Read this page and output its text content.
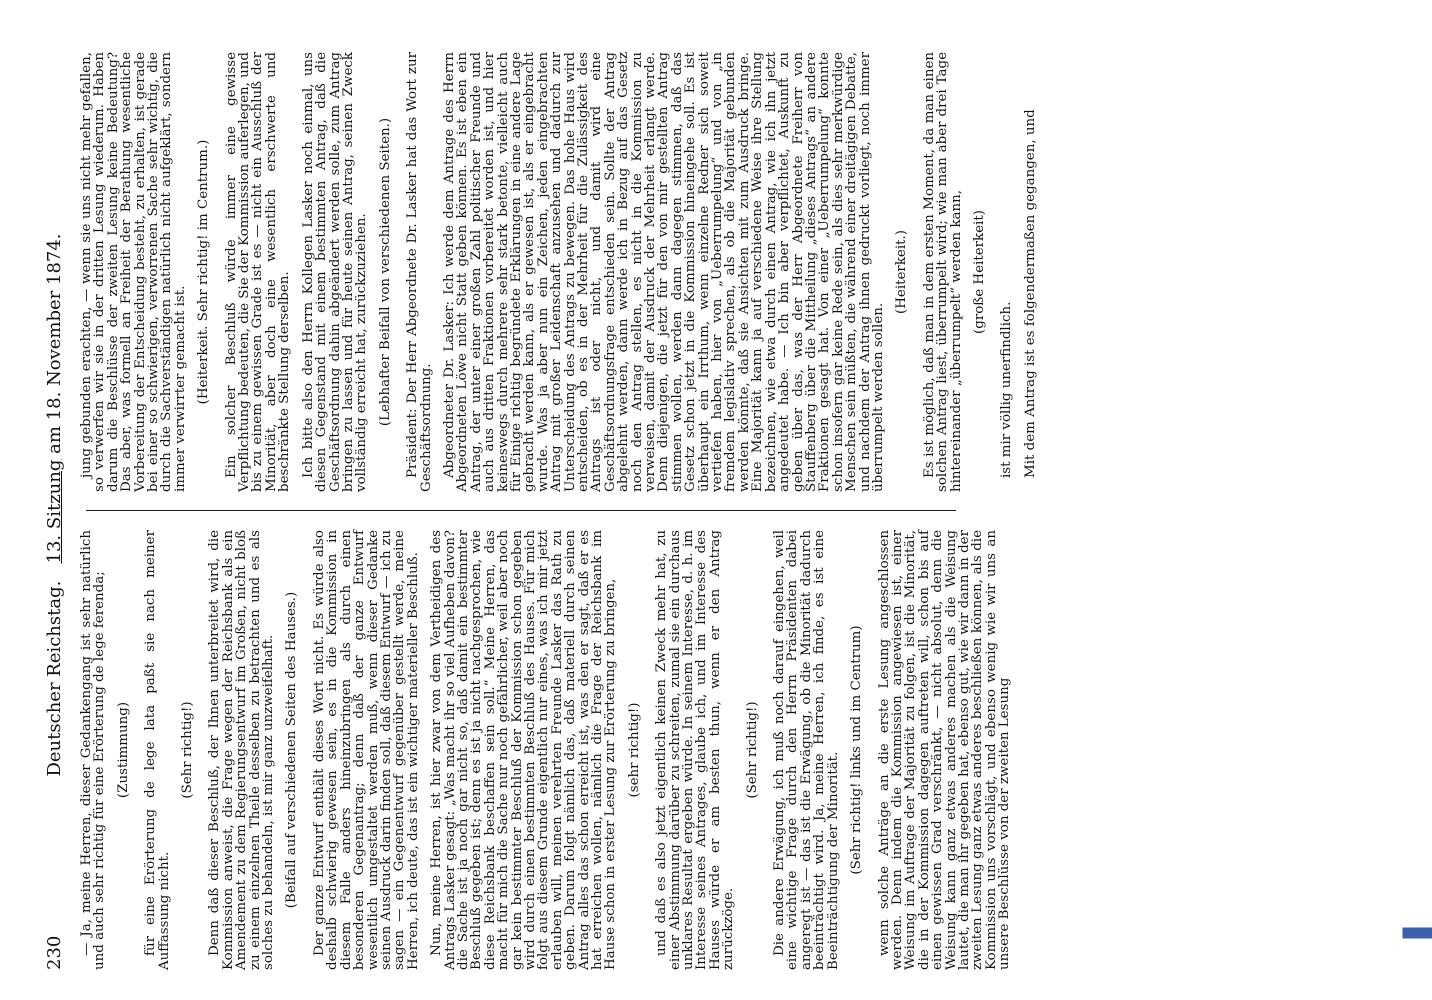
230
Deutscher Reichstag.   13. Sitzung am 18. November 1874.

— Ja, meine Herren, dieser Gedankengang ist sehr natürlich und auch sehr richtig für eine Erörterung de lege ferenda; (Zustimmung) für eine Erörterung de lege lata paßt sie nach meiner Auffassung nicht.

(Sehr richtig!) Denn daß dieser Beschluß, der Ihnen unterbreitet wird, die Kommission anweist, die Frage wegen der Reichsbank als ein Amendement zu dem Regierungsentwurf im Großen, nicht bloß zu einem einzelnen Theile desselben zu betrachten und es als solches zu behandeln, ist mir ganz unzweifelhaft. (Beifall auf verschiedenen Seiten des Hauses.) Der ganze Entwurf enthält dieses Wort nicht. Es würde also deshalb schwierig gewesen sein, es in die Kommission in diesem Falle anders hineinzubringen als durch einen besonderen Gegenantrag; denn daß der ganze Entwurf wesentlich umgestaltet werden muß, wenn dieser Gedanke seinen Ausdruck darin finden soll, daß diesem Entwurf — ich zu sagen — ein Gegenentwurf gegenüber gestellt werde, meine Herren, ich deute, das ist ein wichtiger materieller Beschluß. Nun, meine Herren, ist hier zwar von dem Vertheidigen des Antrags Lasker gesagt: „Was macht ihr so viel Aufheben davon? die Sache ist ja noch gar nicht so, daß damit ein bestimmter Beschluß gegeben ist; denn es ist ja nicht nachgesprochen, wie diese Reichsbank beschaffen sein soll.“ Meine Herren, das macht für mich die Sache nur noch gefährlicher, weil aber noch gar kein bestimmter Beschluß der Kommission schon gegeben wird durch einen bestimmten Beschluß des Hauses. Für mich folgt aus diesem Grunde eigentlich nur eines, was ich mir jetzt erlauben will, meinen verehrten Freunde Lasker das Rath zu geben. Darum folgt nämlich das, daß materiell durch seinen Antrag alles das schon erreicht ist, was den er sagt, daß er es hat erreichen wollen, nämlich die Frage der Reichsbank im Hause schon in erster Lesung zur Erörterung zu bringen, (sehr richtig!) und daß es also jetzt eigentlich keinen Zweck mehr hat, zu einer Abstimmung darüber zu schreiten, zumal sie ein durchaus unklares Resultat ergeben würde. In seinem Interesse, d. h. im Interesse seines Antrages, glaube ich, und im Interesse des Hauses würde er am besten thun, wenn er den Antrag zurückzöge.

(Sehr richtig!) Die andere Erwägung, ich muß noch darauf eingehen, weil eine wichtige Frage durch den Herrn Präsidenten dabei angeregt ist — das ist die Erwägung, ob die Minorität dadurch beeinträchtigt wird. Ja, meine Herren, ich finde, es ist eine Beeinträchtigung der Minorität. (Sehr richtig! links und im Centrum) wenn solche Anträge an die erste Lesung angeschlossen werden. Denn indem die Kommission angewiesen ist, einer Weisung im Auftrage der Majorität zu folgen, ist die Minorität, die in der Kommission dagegen auftreten will, schon bis auf einen gewissen Grad verschränkt, — nicht absolut, denn die Weisung kann ganz etwas anderes machen als die Weisung lautet, die man ihr gegeben hat, ebenso gut, wie wir dann in der zweiten Lesung ganz etwas anderes beschließen können, als die Kommission uns vorschlägt, und ebenso wenig wie wir uns an unsere Beschlüsse von der zweiten Lesung

jung gebunden erachten, — wenn sie uns nicht mehr gefallen, so verwerfen wir sie in der dritten Lesung wiederum. Haben darum die Beschlüsse der zweiten Lesung keine Bedeutung? Das aber, was formell an Freiheit der Berathung wesentliche Vorbereitung der Entscheidung besteht, zu erhalten, ist gerade bei einer so schwierigen, verworrenen Sache sehr wichtig, die durch die Sachverständigen natürlich nicht aufgeklärt, sondern immer verwirrter gemacht ist. (Heiterkeit. Sehr richtig! im Centrum.) Ein solcher Beschluß würde immer eine gewisse Verpflichtung bedeuten, die Sie der Kommission auferlegen, und bis zu einem gewissen Grade ist es — nicht ein Ausschluß der Minorität, aber doch eine wesentlich erschwerte und beschränkte Stellung derselben. Ich bitte also den Herrn Kollegen Lasker noch einmal, uns diesen Gegenstand mit einem bestimmten Antrag, daß die Geschäftsordnung dahin abgeändert werden solle, zum Antrag bringen zu lassen und für heute seinen Antrag, seinen Zweck vollständig erreicht hat, zurückzuziehen. (Lebhafter Beifall von verschiedenen Seiten.) Präsident: Der Herr Abgeordnete Dr. Lasker hat das Wort zur Geschäftsordnung. Abgeordneter Dr. Lasker: Ich werde dem Antrage des Herrn Abgeordneten Löwe nicht Statt geben können. Es ist eben ein Antrag, der unter einer großen Zahl politischer Freunde und auch aus dritten Fraktionen vorbereitet worden ist, und hier keineswegs durch mehrere sehr stark betonte, vielleicht auch für Einige richtig begründete Erklärungen in eine andere Lage gebracht werden kann, als er gewesen ist, als er eingebracht wurde. Was ja aber nun ein Zeichen, jeden eingebrachten Antrag mit großer Leidenschaft anzusehen und dadurch zur Unterscheidung des Antrags zu bewegen. Das hohe Haus wird entscheiden, ob es in der Mehrheit für die Zulässigkeit des Antrags ist oder nicht, und damit wird eine Geschäftsordnungsfrage entschieden sein. Sollte der Antrag abgelehnt werden, dann werde ich in Bezug auf das Gesetz noch den Antrag stellen, es nicht in die Kommission zu verweisen, damit der Ausdruck der Mehrheit erlangt werde. Denn diejenigen, die jetzt für den von mir gestellten Antrag stimmen wollen, werden dann dagegen stimmen, daß das Gesetz schon jetzt in die Kommission hineingehe soll. Es ist überhaupt ein Irrthum, wenn einzelne Redner sich soweit vertiefen haben, hier von „Ueberrumpelung“ und von „in fremdem legislativ sprechen, als ob die Majorität gebunden werden könnte, daß sie Ansichten mit zum Ausdruck bringe. Eine Majorität kann ja auf verschiedene Weise ihre Stellung bezeichnen, wie etwa durch einen Antrag, wie ich ihn jetzt angedeutet habe. — Ich bin aber verpflichtet, Auskunft zu geben über das, was der Herr Abgeordnete Freiherr von Stauffenberg über die Mittheilung „dieses Antrags“ an andere Fraktionen gesagt hat. Von einer „Ueberrumpelung“ konnte schon insofern gar keine Rede sein, als dies sehr merkwürdige Menschen sein müßten, die während einer dreitägigen Debatte, und nachdem der Antrag ihnen gedruckt vorliegt, noch immer überrumpelt werden sollen.

(Heiterkeit.) Es ist möglich, daß man in dem ersten Moment, da man einen solchen Antrag liest, überrumpelt wird; wie man aber drei Tage hintereinander „überrumpelt“ werden kann, (große Heiterkeit)

ist mir völlig unerfindlich. Mit dem Antrag ist es folgendermaßen gegangen, und
